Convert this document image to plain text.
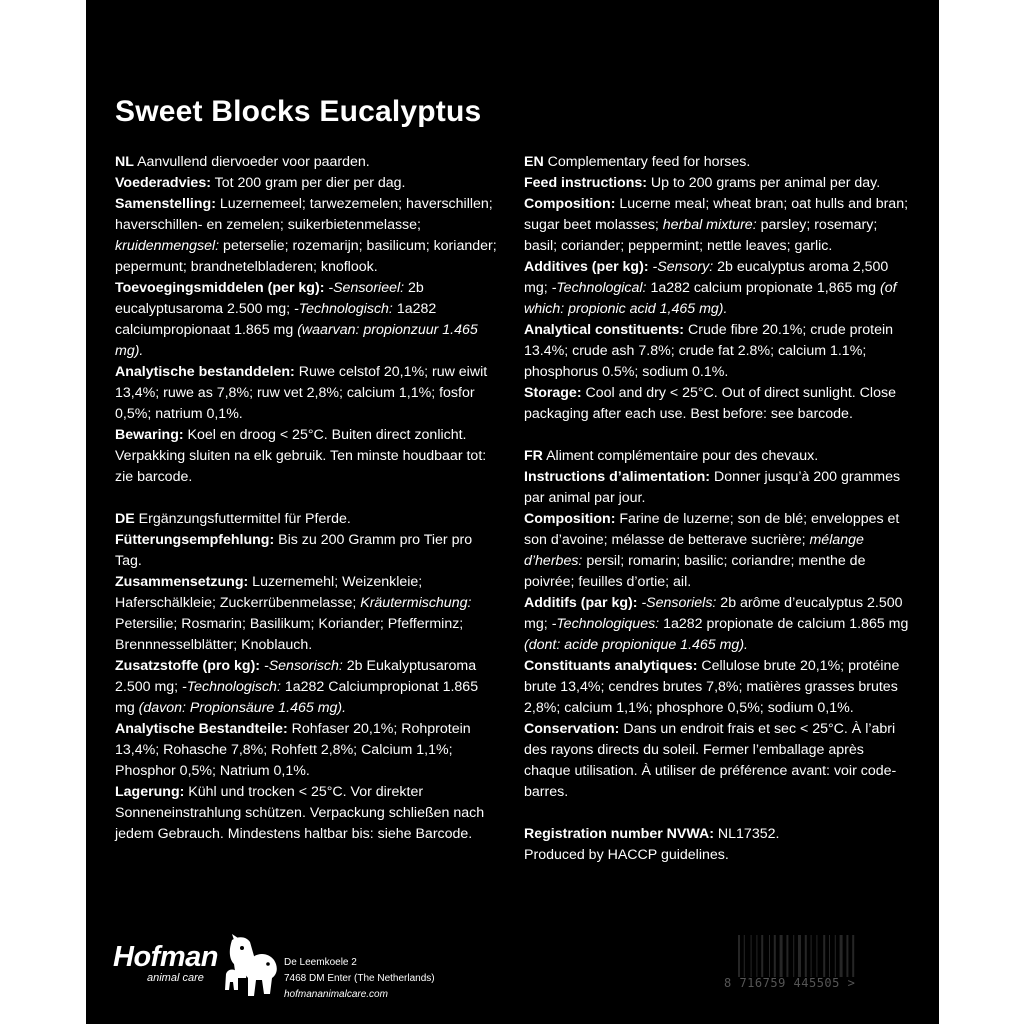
Sweet Blocks Eucalyptus

NL Aanvullend diervoeder voor paarden.

Voederadvies: Tot 200 gram per dier per dag.

Samenstelling: Luzernemeel; tarwezemelen; haverschillen; haverschillen- en zemelen; suikerbietenmelasse; kruidenmengsel: peterselie; rozemarijn; basilicum; koriander; pepermunt; brandnetelbladeren; knoflook.

Toevoegingsmiddelen (per kg): -Sensorieel: 2b eucalyptusaroma 2.500 mg; -Technologisch: 1a282 calciumpropionaat 1.865 mg (waarvan: propionzuur 1.465 mg).

Analytische bestanddelen: Ruwe celstof 20,1%; ruw eiwit 13,4%; ruwe as 7,8%; ruw vet 2,8%; calcium 1,1%; fosfor 0,5%; natrium 0,1%.

Bewaring: Koel en droog < 25°C. Buiten direct zonlicht. Verpakking sluiten na elk gebruik. Ten minste houdbaar tot: zie barcode.

DE Ergänzungsfuttermittel für Pferde.

Fütterungsempfehlung: Bis zu 200 Gramm pro Tier pro Tag.

Zusammensetzung: Luzernemehl; Weizenkleie; Haferschälkleie; Zuckerrübenmelasse; Kräutermischung: Petersilie; Rosmarin; Basilikum; Koriander; Pfefferminz; Brennnesselblätter; Knoblauch.

Zusatzstoffe (pro kg): -Sensorisch: 2b Eukalyptusaroma 2.500 mg; -Technologisch: 1a282 Calciumpropionat 1.865 mg (davon: Propionsäure 1.465 mg).

Analytische Bestandteile: Rohfaser 20,1%; Rohprotein 13,4%; Rohasche 7,8%; Rohfett 2,8%; Calcium 1,1%; Phosphor 0,5%; Natrium 0,1%.

Lagerung: Kühl und trocken < 25°C. Vor direkter Sonneneinstrahlung schützen. Verpackung schließen nach jedem Gebrauch. Mindestens haltbar bis: siehe Barcode.

EN Complementary feed for horses.

Feed instructions: Up to 200 grams per animal per day.

Composition: Lucerne meal; wheat bran; oat hulls and bran; sugar beet molasses; herbal mixture: parsley; rosemary; basil; coriander; peppermint; nettle leaves; garlic.

Additives (per kg): -Sensory: 2b eucalyptus aroma 2,500 mg; -Technological: 1a282 calcium propionate 1,865 mg (of which: propionic acid 1,465 mg).

Analytical constituents: Crude fibre 20.1%; crude protein 13.4%; crude ash 7.8%; crude fat 2.8%; calcium 1.1%; phosphorus 0.5%; sodium 0.1%.

Storage: Cool and dry < 25°C. Out of direct sunlight. Close packaging after each use. Best before: see barcode.

FR Aliment complémentaire pour des chevaux.

Instructions d’alimentation: Donner jusqu’à 200 grammes par animal par jour.

Composition: Farine de luzerne; son de blé; enveloppes et son d’avoine; mélasse de betterave sucrière; mélange d’herbes: persil; romarin; basilic; coriandre; menthe de poivrée; feuilles d’ortie; ail.

Additifs (par kg): -Sensoriels: 2b arôme d’eucalyptus 2.500 mg; -Technologiques: 1a282 propionate de calcium 1.865 mg (dont: acide propionique 1.465 mg).

Constituants analytiques: Cellulose brute 20,1%; protéine brute 13,4%; cendres brutes 7,8%; matières grasses brutes 2,8%; calcium 1,1%; phosphore 0,5%; sodium 0,1%.

Conservation: Dans un endroit frais et sec < 25°C. À l’abri des rayons directs du soleil. Fermer l’emballage après chaque utilisation. À utiliser de préférence avant: voir code-barres.

Registration number NVWA: NL17352.

Produced by HACCP guidelines.

Hofman
animal care
De Leemkoele 2
7468 DM Enter (The Netherlands)
hofmananimalcare.com
8 716759 445505 >
